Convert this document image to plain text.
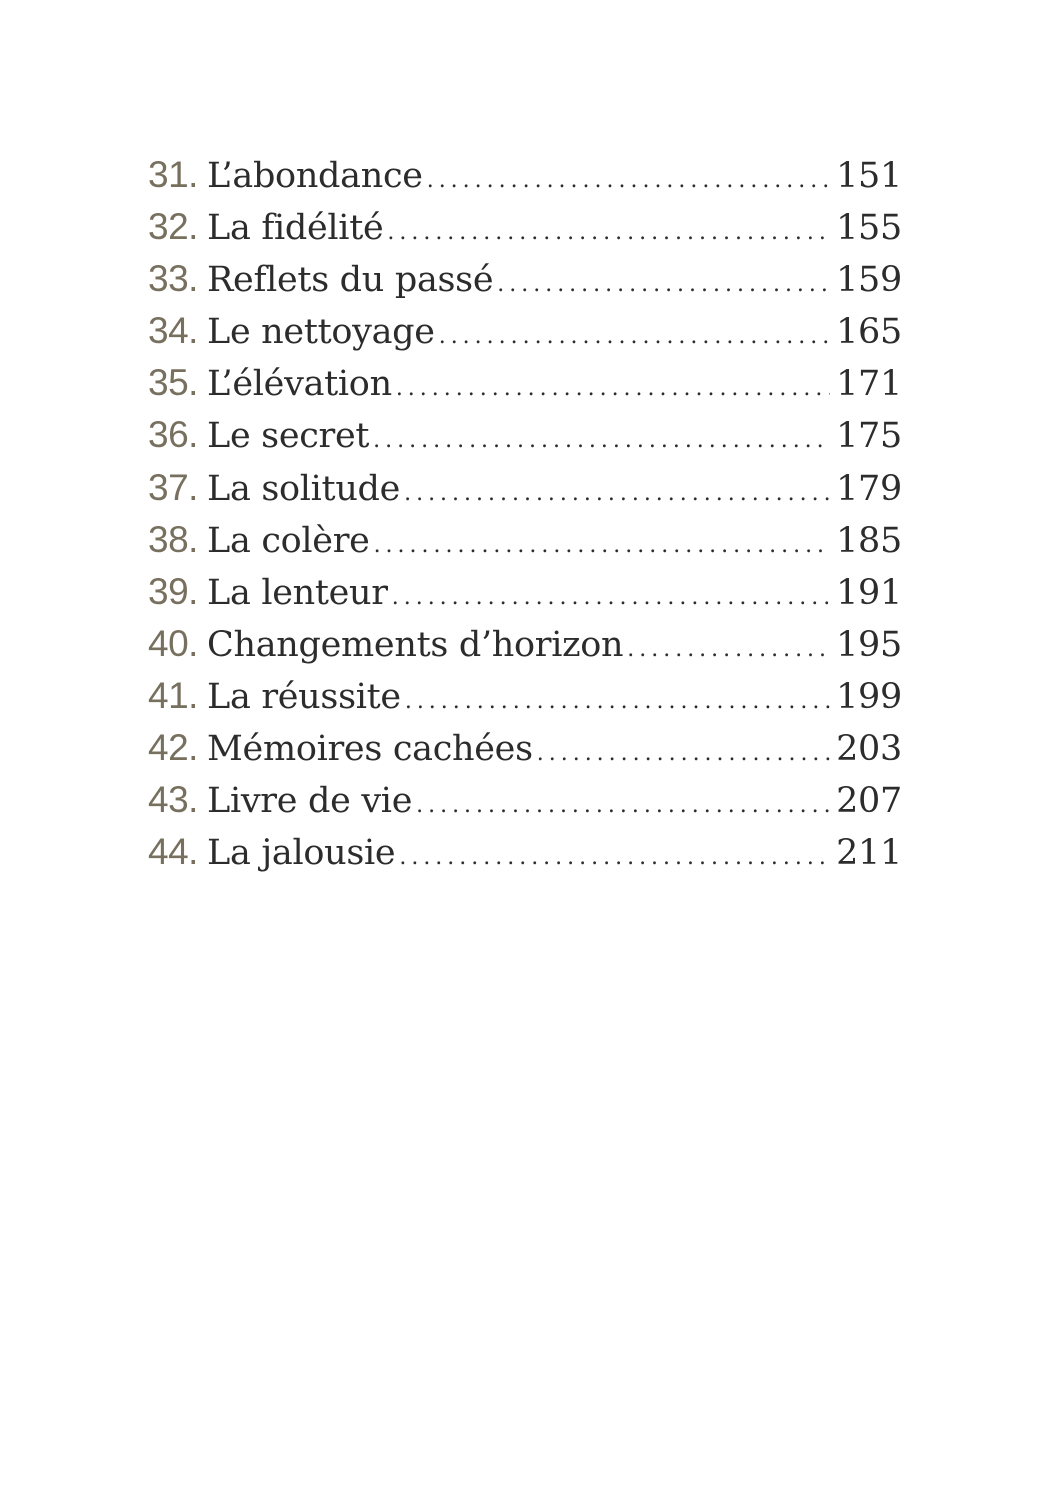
31. L’abondance . . .	151
32. La fidélité . . .	155
33. Reflets du passé . . .	159
34. Le nettoyage . . .	165
35. L’élévation . . .	171
36. Le secret . . .	175
37. La solitude . . .	179
38. La colère . . .	185
39. La lenteur . . .	191
40. Changements d’horizon . . .	195
41. La réussite . . .	199
42. Mémoires cachées . . .	203
43. Livre de vie . . .	207
44. La jalousie . . .	211
